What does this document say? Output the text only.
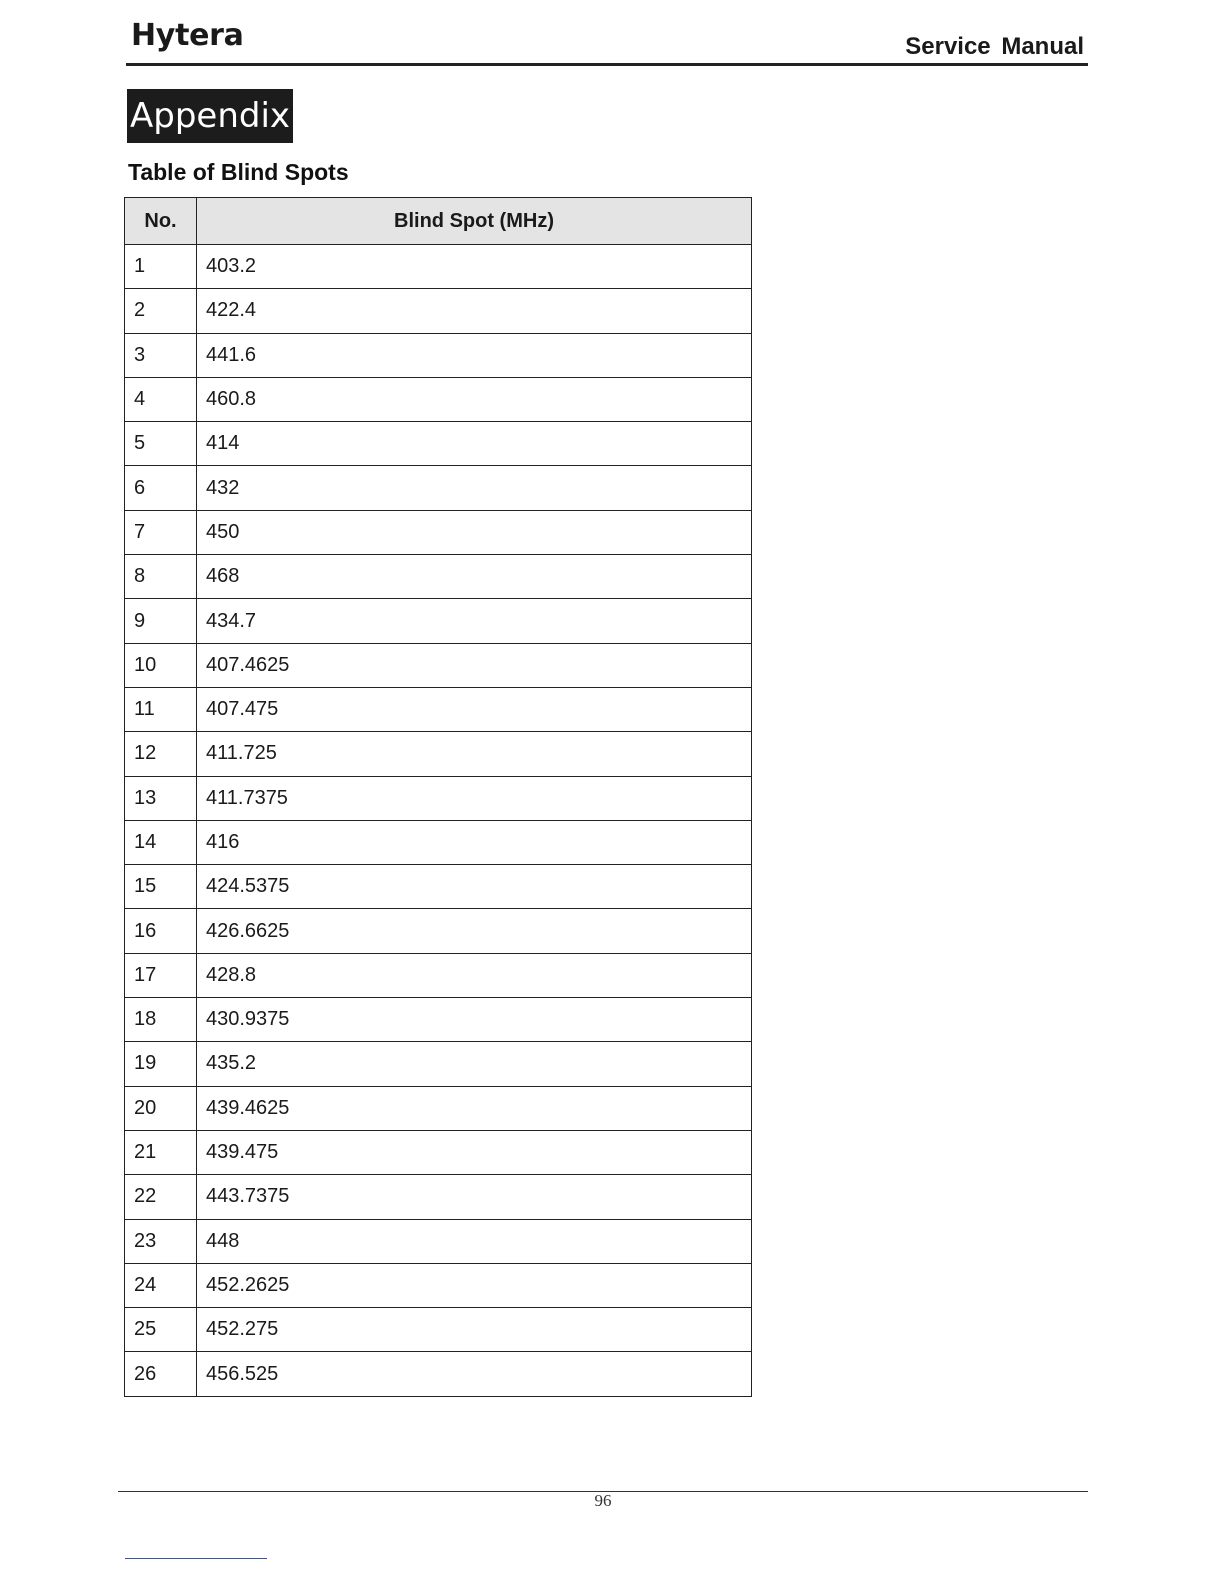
Hytera	Service Manual
Appendix
Table of Blind Spots
No.	Blind Spot (MHz)
1	403.2
2	422.4
3	441.6
4	460.8
5	414
6	432
7	450
8	468
9	434.7
10	407.4625
11	407.475
12	411.725
13	411.7375
14	416
15	424.5375
16	426.6625
17	428.8
18	430.9375
19	435.2
20	439.4625
21	439.475
22	443.7375
23	448
24	452.2625
25	452.275
26	456.525
96
